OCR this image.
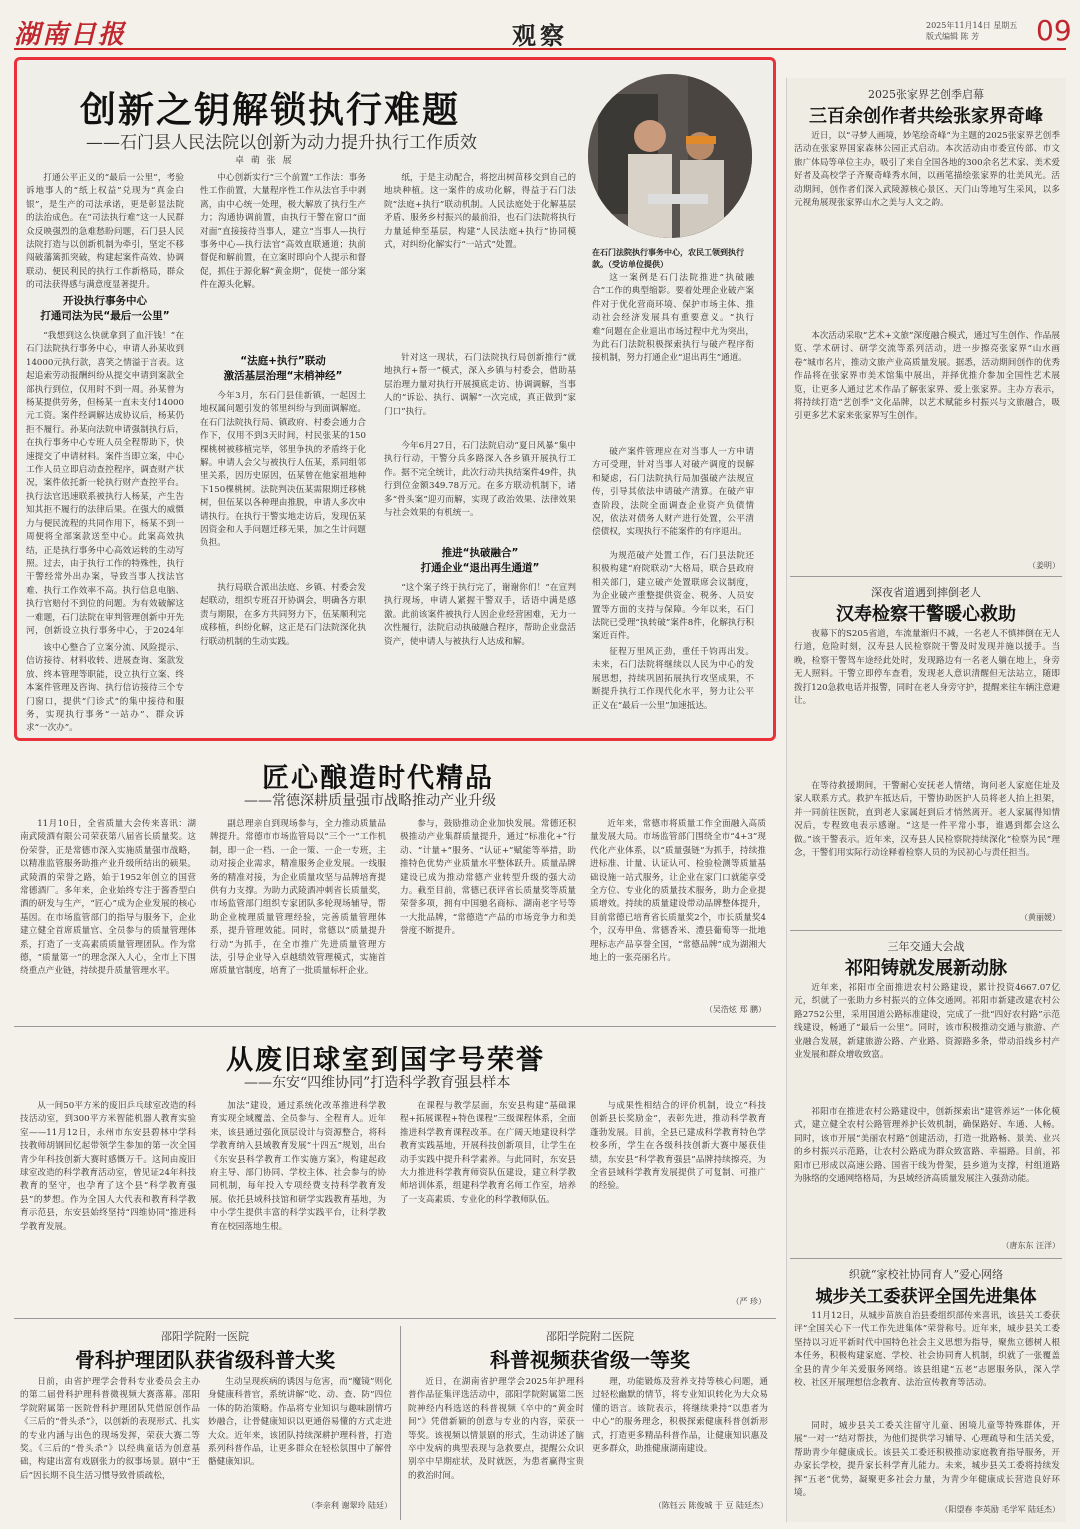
湖南日报	观察	2025年11月14日 星期五
版式编辑 陈 芳	09
创新之钥解锁执行难题
——石门县人民法院以创新为动力提升执行工作质效
卓 萌 张 展
在石门法院执行事务中心，农民工领到执行款。（受访单位提供）
打通公平正义的“最后一公里”，考验诉地事人的“纸上权益”兑现为“真金白银”，是生产的司法承诺，更是彰显法院的法治成色。在“司法执行难”这一人民群众反映强烈的急难愁盼问题，石门县人民法院打造与以创新机制为牵引，坚定不移闯破藩篱抓突破，构建起案件高效、协调联动、便民利民的执行工作新格局，群众的司法获得感与满意度显著提升。
开设执行事务中心
打通司法为民“最后一公里”
“我想到这么快就拿到了血汗钱！”在石门法院执行事务中心，申请人孙某收到14000元执行款，喜笑之情溢于言表。这起追索劳动报酬纠纷从提交申请到案款全部执行到位，仅用时不到一周。孙某曾为杨某提供劳务，但杨某一直未支付14000元工资。案件经调解达成协议后，杨某仍拒不履行。孙某向法院申请强制执行后，在执行事务中心专班人员全程帮助下，快速提交了申请材料。案件当即立案，中心工作人员立即启动查控程序，调查财产状况，案件依托新一轮执行财产查控平台。执行法官迅速联系被执行人杨某，产生告知其拒不履行的法律后果。在强大的威慑力与便民流程的共同作用下，杨某不到一周便将全部案款送至中心。此案高效执结，正是执行事务中心高效运转的生动写照。过去，由于执行工作的特殊性，执行干警经常外出办案，导致当事人找法官难、执行工作效率不高。执行信息电脑、执行官赔付不到位的问题。为有效破解这一难题，石门法院在审判管理创新中开先河，创新设立执行事务中心，于2024年
该中心整合了立案分流、风险提示、信访接待、材料收转、进展查询、案款发放、终本管理等职能，设立执行立案、终本案件管理及咨询、执行信访接待三个专门窗口，提供“门诊式”的集中接待和服务，实现执行事务“一站办”、群众诉求“一次办”。
中心创新实行“三个前置”工作法：事务性工作前置，大量程序性工作从法官手中剥离，由中心统一处理，极大解放了执行生产力；沟通协调前置，由执行干警在窗口“面对面”直接接待当事人，建立“当事人—执行事务中心—执行法官”高效直联通道；执前督促和解前置，在立案时即向个人提示和督促，抓住于源化解“黄金期”，促使一部分案件在源头化解。
“法庭+执行”联动
激活基层治理“末梢神经”
今年3月，东石门县佳新镇，一起因土地权属问题引发的邻里纠纷与到面调解庭。在石门法院执行局、镇政府、村委会通力合作下，仅用不到3天时间，村民张某的150棵桃树被移植完毕，邻里争执的矛盾终于化解。申请人会父与被执行人伍某，系同组邻里关系，因历史原因，伍某曾在他家祖地种下150棵桃树。法院判决伍某需限期迁移桃树，但伍某以各种理由推脱，申请人多次申请执行。在执行干警实地走访后，发现伍某因资金和人手问题迁移无果，加之生计问题负担。
执行局联合派出法庭、乡镇、村委会发起联动，组织专班召开协调会，明确各方职责与期限，在多方共同努力下，伍某顺利完成移植，纠纷化解，这正是石门法院深化执行联动机制的生动实践。
纸，于是主动配合，将挖出树苗移交到自己的地块种植。这一案件的成功化解，得益于石门法院“法庭+执行”联动机制。人民法庭处于化解基层矛盾、服务乡村振兴的最前沿，也石门法院将执行力量延伸至基层，构建“人民法庭+执行”协同模式，对纠纷化解实行“一站式”处置。
针对这一现状，石门法院执行局创新推行“就地执行+帮一”模式，深入乡镇与村委会，借助基层治理力量对执行开展摸底走访、协调调解，当事人的“诉讼、执行、调解”一次完成，真正做到“家门口”执行。
今年6月27日，石门法院启动“夏日风暴”集中执行行动，干警分兵多路深入各乡镇开展执行工作。据不完全统计，此次行动共执结案件49件，执行到位金额349.78万元。在多方联动机制下，诸多“骨头案”迎刃而解，实现了政治效果、法律效果与社会效果的有机统一。
推进“执破融合”
打通企业“退出再生通道”
“这个案子终于执行完了，谢谢你们！”在宣判执行现场，申请人紧握干警双手，话语中满是感激。此前该案件被执行人因企业经营困难，无力一次性履行，法院启动执破融合程序，帮助企业盘活资产，使申请人与被执行人达成和解。
这一案例是石门法院推进“执破融合”工作的典型缩影。要着处理企业破产案件对于优化营商环境、保护市场主体、推动社会经济发展具有重要意义。“执行难”问题在企业退出市场过程中尤为突出，为此石门法院积极探索执行与破产程序衔接机制，努力打通企业“退出再生”通道。
破产案件管理应在对当事人一方申请方可受理，针对当事人对破产调度的误解和疑虑，石门法院执行局加强破产法规宣传，引导其依法申请破产清算。在破产审查阶段，法院全面调查企业资产负债情况，依法对债务人财产进行处置，公平清偿债权，实现执行不能案件的有序退出。
为规范破产处置工作，石门县法院还积极构建“府院联动”大格局，联合县政府相关部门，建立破产处置联席会议制度，为企业破产重整提供资金、税务、人员安置等方面的支持与保障。今年以来，石门法院已受理“执转破”案件8件，化解执行积案近百件。
征程万里风正劲，重任千钧再出发。未来，石门法院将继续以人民为中心的发展思想，持续巩固拓展执行攻坚成果，不断提升执行工作现代化水平，努力让公平正义在“最后一公里”加速抵达。
匠心酿造时代精品
——常德深耕质量强市战略推动产业升级
11月10日，全省质量大会传来喜讯：湖南武陵酒有限公司荣获第八届省长质量奖。这份荣誉，正是常德市深入实施质量强市战略，以精准监管服务助推产业升级所结出的硕果。武陵酒的荣誉之路，始于1952年创立的国营常德酒厂。多年来，企业始终专注于酱香型白酒的研发与生产，“匠心”成为企业发展的核心基因。在市场监管部门的指导与服务下，企业建立健全首席质量官、全员参与的质量管理体系，打造了一支高素质质量管理团队。作为常德，“质量第一”的理念深入人心，全市上下围绕重点产业链，持续提升质量管理水平。
副总理亲自到现场参与，全力推动质量品牌提升。常德市市场监管局以“三个一”工作机制，即一企一档、一企一策、一企一专班，主动对接企业需求，精准服务企业发展。一线服务的精准对接，为企业质量攻坚与品牌培育提供有力支撑。为助力武陵酒冲刺省长质量奖，市场监管部门组织专家团队多轮现场辅导，帮助企业梳理质量管理经验，完善质量管理体系，提升管理效能。同时，常德以“质量提升行动”为抓手，在全市推广先进质量管理方法，引导企业导入卓越绩效管理模式，实施首席质量官制度，培育了一批质量标杆企业。
参与，鼓励推动企业加快发展。常德还积极推动产业集群质量提升，通过“标准化+”行动、“计量+”服务、“认证+”赋能等举措，助推特色优势产业质量水平整体跃升。质量品牌建设已成为推动常德产业转型升级的强大动力。截至目前，常德已获评省长质量奖等质量荣誉多项，拥有中国驰名商标、湖南老字号等一大批品牌，“常德造”产品的市场竞争力和美誉度不断提升。
近年来，常德市将质量工作全面融入高质量发展大局。市场监管部门围绕全市“4+3”现代化产业体系，以“质量强链”为抓手，持续推进标准、计量、认证认可、检验检测等质量基础设施一站式服务，让企业在家门口就能享受全方位、专业化的质量技术服务，助力企业提质增效。持续的质量建设带动品牌整体提升，目前常德已培育省长质量奖2个，市长质量奖4个，汉寿甲鱼、常德香米、澧县葡萄等一批地理标志产品享誉全国，“常德品牌”成为湖湘大地上的一张亮丽名片。
（吴浩炫 郑 鹏）
从废旧球室到国字号荣誉
——东安“四维协同”打造科学教育强县样本
从一间50平方米的废旧乒乓球室改造的科技活动室，到300平方米智能机器人教育实验室——11月12日，永州市东安县碧林中学科技教师胡钢回忆起带领学生参加的第一次全国青少年科技创新大赛时感慨万千。这间由废旧球室改造的科学教育活动室，曾见证24年科技教育的坚守，也孕育了这个县“科学教育强县”的梦想。作为全国人大代表和教育科学教育示范县，东安县始终坚持“四维协同”推进科学教育发展。
加法”建设，通过系统化改革推进科学教育实现全域覆盖、全员参与、全程育人。近年来，该县通过强化顶层设计与资源整合，将科学教育纳入县域教育发展“十四五”规划，出台《东安县科学教育工作实施方案》，构建起政府主导、部门协同、学校主体、社会参与的协同机制，每年投入专项经费支持科学教育发展。依托县域科技馆和研学实践教育基地，为中小学生提供丰富的科学实践平台，让科学教育在校园落地生根。
在课程与教学层面，东安县构建“基础课程+拓展课程+特色课程”三级课程体系，全面推进科学教育课程改革。在广阔天地建设科学教育实践基地，开展科技创新项目，让学生在动手实践中提升科学素养。与此同时，东安县大力推进科学教育师资队伍建设，建立科学教师培训体系，组建科学教育名师工作室，培养了一支高素质、专业化的科学教师队伍。
与成果性相结合的评价机制，设立“科技创新县长奖励金”，表彰先进，推动科学教育蓬勃发展。目前，全县已建成科学教育特色学校多所，学生在各级科技创新大赛中屡获佳绩，东安县“科学教育强县”品牌持续擦亮，为全省县域科学教育发展提供了可复制、可推广的经验。
（严 珍）
邵阳学院附一医院
骨科护理团队获省级科普大奖
日前，由省护理学会骨科专业委员会主办的第二届骨科护理科普微视频大赛落幕。邵阳学院附属第一医院骨科护理团队凭借原创作品《三后的“骨头杀”》，以创新的表现形式、扎实的专业内涵与出色的现场发挥，荣获大赛二等奖。《三后的“骨头杀”》以经典童话为创意基础，构建出富有戏剧张力的叙事场景。剧中“王后”因长期不良生活习惯导致骨质疏松，
生动呈现疾病的诱因与危害，而“魔镜”则化身健康科普官，系统讲解“吃、动、查、防”四位一体的防治策略。作品将专业知识与趣味剧情巧妙融合，让骨健康知识以更通俗易懂的方式走进大众。近年来，该团队持续深耕护理科普，打造系列科普作品，让更多群众在轻松氛围中了解骨骼健康知识。
（李亲利 谢翠玲 陆廷）
邵阳学院附二医院
科普视频获省级一等奖
近日，在湖南省护理学会2025年护理科普作品征集评选活动中，邵阳学院附属第二医院神经内科选送的科普视频《卒中的“黄金时间”》凭借新颖的创意与专业的内容，荣获一等奖。该视频以情景剧的形式，生动讲述了脑卒中发病的典型表现与急救要点，提醒公众识别卒中早期症状，及时就医，为患者赢得宝贵的救治时间。
理，功能锻炼及营养支持等核心问题，通过轻松幽默的情节，将专业知识转化为大众易懂的语言。该院表示，将继续秉持“以患者为中心”的服务理念，积极探索健康科普创新形式，打造更多精品科普作品，让健康知识惠及更多群众，助推健康湖南建设。
（陈钰云 陈俊城 于 豆 陆廷杰）
2025张家界艺创季启幕
三百余创作者共绘张家界奇峰
近日，以“寻梦人画境，妙笔绘奇峰”为主题的2025张家界艺创季活动在张家界国家森林公园正式启动。本次活动由市委宣传部、市文旅广体局等单位主办，吸引了来自全国各地的300余名艺术家、美术爱好者及高校学子齐聚奇峰秀水间，以画笔描绘张家界的壮美风光。活动期间，创作者们深入武陵源核心景区、天门山等地写生采风，以多元视角展现张家界山水之美与人文之韵。
本次活动采取“艺术+文旅”深度融合模式，通过写生创作、作品展览、学术研讨、研学交流等系列活动，进一步擦亮张家界“山水画卷”城市名片，推动文旅产业高质量发展。据悉，活动期间创作的优秀作品将在张家界市美术馆集中展出，并择优推介参加全国性艺术展览，让更多人通过艺术作品了解张家界、爱上张家界。主办方表示，将持续打造“艺创季”文化品牌，以艺术赋能乡村振兴与文旅融合，吸引更多艺术家来张家界写生创作。
（姜明）
深夜省道遇到摔倒老人
汉寿检察干警暖心救助
夜幕下的S205省道，车流量渐归不减，一名老人不慎摔倒在无人行道，危险时刻，汉寿县人民检察院干警及时发现并施以援手。当晚，检察干警驾车途经此处时，发现路边有一名老人躺在地上，身旁无人照料。干警立即停车查看，发现老人意识清醒但无法站立，随即拨打120急救电话并报警，同时在老人身旁守护，提醒来往车辆注意避让。
在等待救援期间，干警耐心安抚老人情绪，询问老人家庭住址及家人联系方式。救护车抵达后，干警协助医护人员将老人抬上担架，并一同前往医院，直到老人家属赶到后才悄然离开。老人家属得知情况后，专程致电表示感谢。“这是一件平常小事，谁遇到都会这么做。”该干警表示。近年来，汉寿县人民检察院持续深化“检察为民”理念，干警们用实际行动诠释着检察人员的为民初心与责任担当。
（黄丽媛）
三年交通大会战
祁阳铸就发展新动脉
近年来，祁阳市全面推进农村公路建设，累计投资4667.07亿元，织就了一张助力乡村振兴的立体交通网。祁阳市新建改建农村公路2752公里，采用国道公路标准建设，完成了一批“四好农村路”示范线建设，畅通了“最后一公里”。同时，该市积极推动交通与旅游、产业融合发展，新建旅游公路、产业路、资源路多条，带动沿线乡村产业发展和群众增收致富。
祁阳市在推进农村公路建设中，创新探索出“建管养运”一体化模式，建立健全农村公路管理养护长效机制，确保路好、车通、人畅。同时，该市开展“美丽农村路”创建活动，打造一批路畅、景美、业兴的乡村振兴示范路，让农村公路成为群众致富路、幸福路。目前，祁阳市已形成以高速公路、国省干线为骨架，县乡道为支撑，村组道路为脉络的交通网络格局，为县域经济高质量发展注入强劲动能。
（唐东东 汪洋）
织就“家校社协同育人”爱心网络
城步关工委获评全国先进集体
11月12日，从城步苗族自治县委组织部传来喜讯，该县关工委获评“全国关心下一代工作先进集体”荣誉称号。近年来，城步县关工委坚持以习近平新时代中国特色社会主义思想为指导，聚焦立德树人根本任务，积极构建家庭、学校、社会协同育人机制，织就了一张覆盖全县的青少年关爱服务网络。该县组建“五老”志愿服务队，深入学校、社区开展理想信念教育、法治宣传教育等活动。
同时，城步县关工委关注留守儿童、困境儿童等特殊群体，开展“一对一”结对帮扶，为他们提供学习辅导、心理疏导和生活关爱，帮助青少年健康成长。该县关工委还积极推动家庭教育指导服务，开办家长学校，提升家长科学育儿能力。未来，城步县关工委将持续发挥“五老”优势，凝聚更多社会力量，为青少年健康成长营造良好环境。
（阳望春 李英励 毛学军 陆廷杰）
